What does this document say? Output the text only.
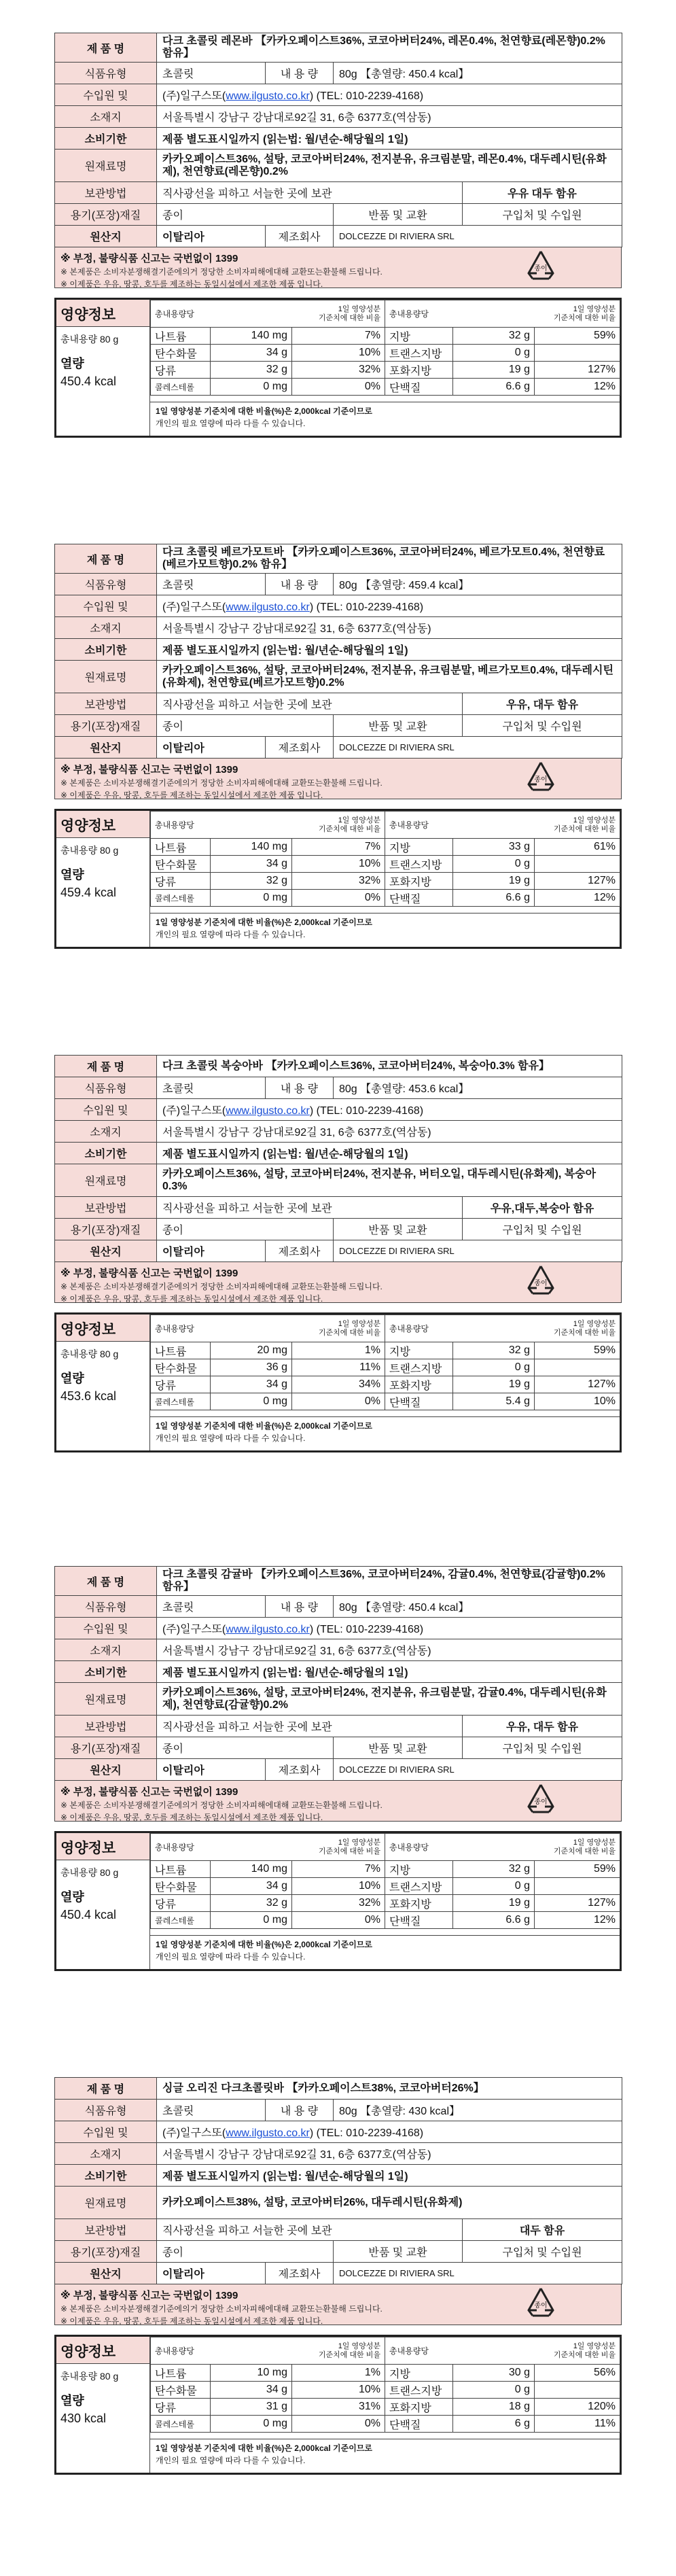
제 품 명	다크 초콜릿 레몬바 【카카오페이스트36%, 코코아버터24%, 레몬0.4%, 천연향료(레몬향)0.2% 함유】			
식품유형	초콜릿	내 용 량	80g 【총열량: 450.4 kcal】	
수입원 및	(주)일구스또(www.ilgusto.co.kr) (TEL: 010-2239-4168)			
소재지	서울특별시 강남구 강남대로92길 31, 6층 6377호(역삼동)			
소비기한	제품 별도표시일까지 (읽는법: 월/년순-해당월의 1일)			
원재료명	카카오페이스트36%, 설탕, 코코아버터24%, 전지분유, 유크림분말, 레몬0.4%, 대두레시틴(유화제), 천연향료(레몬향)0.2%			
보관방법	직사광선을 피하고 서늘한 곳에 보관			우유 대두 함유
용기(포장)재질	종이		반품 및 교환	구입처 및 수입원
원산지	이탈리아	제조회사	DOLCEZZE DI RIVIERA SRL	
※ 부정, 불량식품 신고는 국번없이 1399
※ 본제품은 소비자분쟁해결기준에의거 정당한 소비자피해에대해 교환또는환불해 드립니다.
※ 이제품은 우유, 땅콩, 호두를 제조하는 동일시설에서 제조한 제품 입니다.
종이
영양정보
총내용량 80 g
열량
450.4 kcal
총내용량당
1일 영양성분
기준치에 대한 비율			총내용량당
1일 영양성분
기준치에 대한 비율		

나트륨	140 mg	7%	지방	32 g	59%
탄수화물	34 g	10%	트랜스지방	0 g	
당류	32 g	32%	포화지방	19 g	127%
콜레스테롤	0 mg	0%	단백질	6.6 g	12%
1일 영양성분 기준치에 대한 비율(%)은 2,000kcal 기준이므로
개인의 필요 열량에 따라 다를 수 있습니다.
제 품 명	다크 초콜릿 베르가모트바 【카카오페이스트36%, 코코아버터24%, 베르가모트0.4%, 천연향료(베르가모트향)0.2% 함유】			
식품유형	초콜릿	내 용 량	80g 【총열량: 459.4 kcal】	
수입원 및	(주)일구스또(www.ilgusto.co.kr) (TEL: 010-2239-4168)			
소재지	서울특별시 강남구 강남대로92길 31, 6층 6377호(역삼동)			
소비기한	제품 별도표시일까지 (읽는법: 월/년순-해당월의 1일)			
원재료명	카카오페이스트36%, 설탕, 코코아버터24%, 전지분유, 유크림분말, 베르가모트0.4%, 대두레시틴(유화제), 천연향료(베르가모트향)0.2%			
보관방법	직사광선을 피하고 서늘한 곳에 보관			우유, 대두 함유
용기(포장)재질	종이		반품 및 교환	구입처 및 수입원
원산지	이탈리아	제조회사	DOLCEZZE DI RIVIERA SRL	
※ 부정, 불량식품 신고는 국번없이 1399
※ 본제품은 소비자분쟁해결기준에의거 정당한 소비자피해에대해 교환또는환불해 드립니다.
※ 이제품은 우유, 땅콩, 호두를 제조하는 동일시설에서 제조한 제품 입니다.
종이
영양정보
총내용량 80 g
열량
459.4 kcal
총내용량당
1일 영양성분
기준치에 대한 비율			총내용량당
1일 영양성분
기준치에 대한 비율		

나트륨	140 mg	7%	지방	33 g	61%
탄수화물	34 g	10%	트랜스지방	0 g	
당류	32 g	32%	포화지방	19 g	127%
콜레스테롤	0 mg	0%	단백질	6.6 g	12%
1일 영양성분 기준치에 대한 비율(%)은 2,000kcal 기준이므로
개인의 필요 열량에 따라 다를 수 있습니다.
제 품 명	다크 초콜릿 복숭아바 【카카오페이스트36%, 코코아버터24%, 복숭아0.3% 함유】			
식품유형	초콜릿	내 용 량	80g 【총열량: 453.6 kcal】	
수입원 및	(주)일구스또(www.ilgusto.co.kr) (TEL: 010-2239-4168)			
소재지	서울특별시 강남구 강남대로92길 31, 6층 6377호(역삼동)			
소비기한	제품 별도표시일까지 (읽는법: 월/년순-해당월의 1일)			
원재료명	카카오페이스트36%, 설탕, 코코아버터24%, 전지분유, 버터오일, 대두레시틴(유화제), 복숭아0.3%			
보관방법	직사광선을 피하고 서늘한 곳에 보관			우유,대두,복숭아 함유
용기(포장)재질	종이		반품 및 교환	구입처 및 수입원
원산지	이탈리아	제조회사	DOLCEZZE DI RIVIERA SRL	
※ 부정, 불량식품 신고는 국번없이 1399
※ 본제품은 소비자분쟁해결기준에의거 정당한 소비자피해에대해 교환또는환불해 드립니다.
※ 이제품은 우유, 땅콩, 호두를 제조하는 동일시설에서 제조한 제품 입니다.
종이
영양정보
총내용량 80 g
열량
453.6 kcal
총내용량당
1일 영양성분
기준치에 대한 비율			총내용량당
1일 영양성분
기준치에 대한 비율		

나트륨	20 mg	1%	지방	32 g	59%
탄수화물	36 g	11%	트랜스지방	0 g	
당류	34 g	34%	포화지방	19 g	127%
콜레스테롤	0 mg	0%	단백질	5.4 g	10%
1일 영양성분 기준치에 대한 비율(%)은 2,000kcal 기준이므로
개인의 필요 열량에 따라 다를 수 있습니다.
제 품 명	다크 초콜릿 감귤바 【카카오페이스트36%, 코코아버터24%, 감귤0.4%, 천연향료(감귤향)0.2% 함유】			
식품유형	초콜릿	내 용 량	80g 【총열량: 450.4 kcal】	
수입원 및	(주)일구스또(www.ilgusto.co.kr) (TEL: 010-2239-4168)			
소재지	서울특별시 강남구 강남대로92길 31, 6층 6377호(역삼동)			
소비기한	제품 별도표시일까지 (읽는법: 월/년순-해당월의 1일)			
원재료명	카카오페이스트36%, 설탕, 코코아버터24%, 전지분유, 유크림분말, 감귤0.4%, 대두레시틴(유화제), 천연향료(감귤향)0.2%			
보관방법	직사광선을 피하고 서늘한 곳에 보관			우유, 대두 함유
용기(포장)재질	종이		반품 및 교환	구입처 및 수입원
원산지	이탈리아	제조회사	DOLCEZZE DI RIVIERA SRL	
※ 부정, 불량식품 신고는 국번없이 1399
※ 본제품은 소비자분쟁해결기준에의거 정당한 소비자피해에대해 교환또는환불해 드립니다.
※ 이제품은 우유, 땅콩, 호두를 제조하는 동일시설에서 제조한 제품 입니다.
종이
영양정보
총내용량 80 g
열량
450.4 kcal
총내용량당
1일 영양성분
기준치에 대한 비율			총내용량당
1일 영양성분
기준치에 대한 비율		

나트륨	140 mg	7%	지방	32 g	59%
탄수화물	34 g	10%	트랜스지방	0 g	
당류	32 g	32%	포화지방	19 g	127%
콜레스테롤	0 mg	0%	단백질	6.6 g	12%
1일 영양성분 기준치에 대한 비율(%)은 2,000kcal 기준이므로
개인의 필요 열량에 따라 다를 수 있습니다.
제 품 명	싱글 오리진 다크초콜릿바 【카카오페이스트38%, 코코아버터26%】			
식품유형	초콜릿	내 용 량	80g 【총열량: 430 kcal】	
수입원 및	(주)일구스또(www.ilgusto.co.kr) (TEL: 010-2239-4168)			
소재지	서울특별시 강남구 강남대로92길 31, 6층 6377호(역삼동)			
소비기한	제품 별도표시일까지 (읽는법: 월/년순-해당월의 1일)			
원재료명	카카오페이스트38%, 설탕, 코코아버터26%, 대두레시틴(유화제)			
보관방법	직사광선을 피하고 서늘한 곳에 보관			대두 함유
용기(포장)재질	종이		반품 및 교환	구입처 및 수입원
원산지	이탈리아	제조회사	DOLCEZZE DI RIVIERA SRL	
※ 부정, 불량식품 신고는 국번없이 1399
※ 본제품은 소비자분쟁해결기준에의거 정당한 소비자피해에대해 교환또는환불해 드립니다.
※ 이제품은 우유, 땅콩, 호두를 제조하는 동일시설에서 제조한 제품 입니다.
종이
영양정보
총내용량 80 g
열량
430 kcal
총내용량당
1일 영양성분
기준치에 대한 비율			총내용량당
1일 영양성분
기준치에 대한 비율		

나트륨	10 mg	1%	지방	30 g	56%
탄수화물	34 g	10%	트랜스지방	0 g	
당류	31 g	31%	포화지방	18 g	120%
콜레스테롤	0 mg	0%	단백질	6 g	11%
1일 영양성분 기준치에 대한 비율(%)은 2,000kcal 기준이므로
개인의 필요 열량에 따라 다를 수 있습니다.
